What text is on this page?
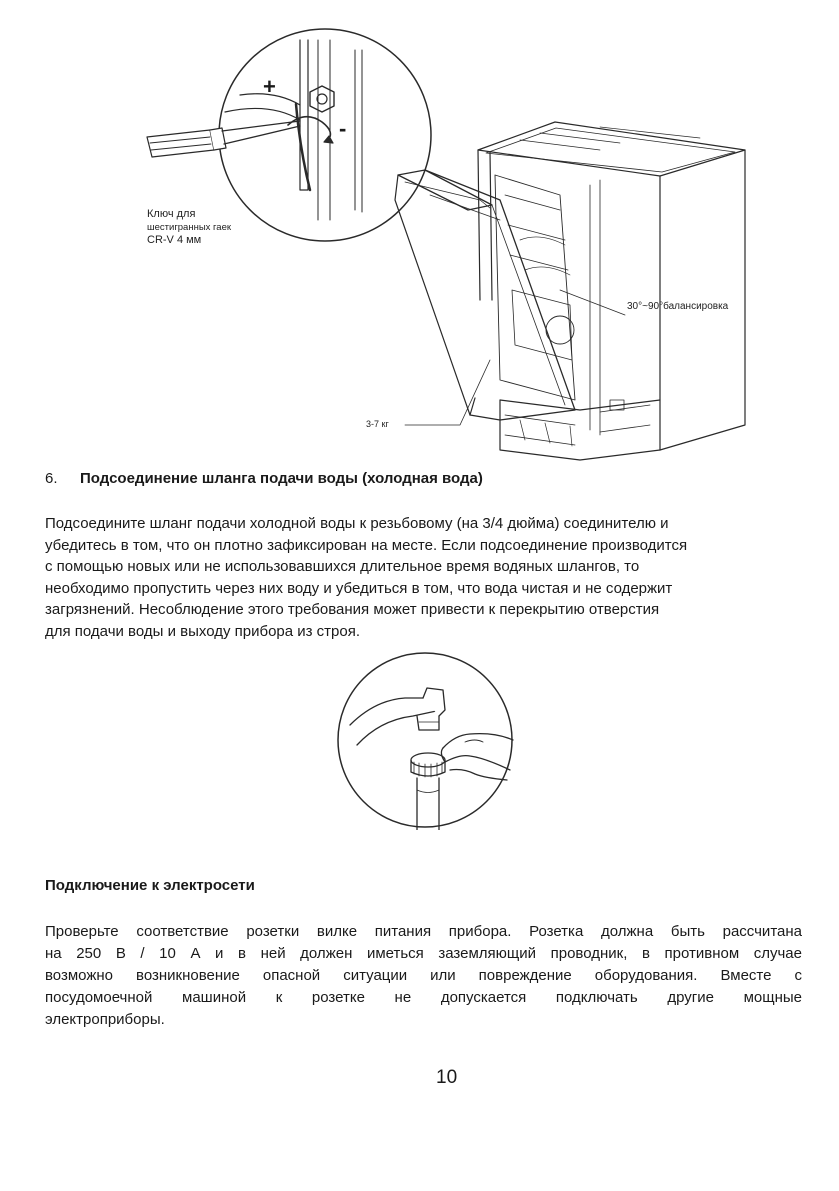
+
-
Ключ для
шестигранных гаек
CR-V 4 мм
30°~90°балансировка
3-7 кг
6. Подсоединение шланга подачи воды (холодная вода)

Подсоедините шланг подачи холодной воды к резьбовому (на 3/4 дюйма) соединителю и

убедитесь в том, что он плотно зафиксирован на месте. Если подсоединение производится

с помощью новых или не использовавшихся длительное время водяных шлангов, то

необходимо пропустить через них воду и убедиться в том, что вода чистая и не содержит

загрязнений. Несоблюдение этого требования может привести к перекрытию отверстия

для подачи воды и выходу прибора из строя.

Подключение к электросети

Проверьте соответствие розетки вилке питания прибора. Розетка должна быть рассчитана

на 250 В / 10 А и в ней должен иметься заземляющий проводник, в противном случае

возможно возникновение опасной ситуации или повреждение оборудования. Вместе с

посудомоечной машиной к розетке не допускается подключать другие мощные

электроприборы.

10
